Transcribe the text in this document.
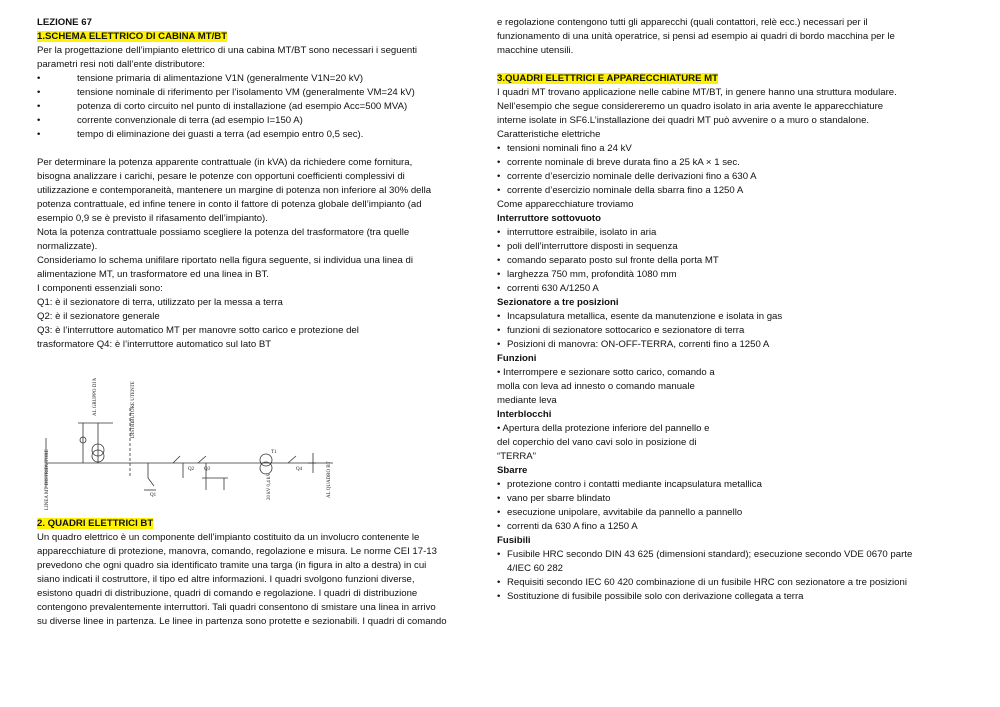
LEZIONE 67

1.SCHEMA ELETTRICO DI CABINA MT/BT

Per la progettazione dell’impianto elettrico di una cabina MT/BT sono necessari i seguenti

parametri resi noti dall’ente distributore:

•	tensione primaria di alimentazione V1N (generalmente V1N=20 kV)
•	tensione nominale di riferimento per l’isolamento VM (generalmente VM=24 kV)
•	potenza di corto circuito nel punto di installazione (ad esempio Acc=500 MVA)
•	corrente convenzionale di terra (ad esempio I=150 A)
•	tempo di eliminazione dei guasti a terra (ad esempio entro 0,5 sec).

Per determinare la potenza apparente contrattuale (in kVA) da richiedere come fornitura,

bisogna analizzare i carichi, pesare le potenze con opportuni coefficienti complessivi di

utilizzazione e contemporaneità, mantenere un margine di potenza non inferiore al 30% della

potenza contrattuale, ed infine tenere in conto il fattore di potenza globale dell’impianto (ad

esempio 0,9 se è previsto il rifasamento dell’impianto).

Nota la potenza contrattuale possiamo scegliere la potenza del trasformatore (tra quelle

normalizzate).

Consideriamo lo schema unifilare riportato nella figura seguente, si individua una linea di

alimentazione MT, un trasformatore ed una linea in BT.

I componenti essenziali sono:

Q1: è il sezionatore di terra, utilizzato per la messa a terra

Q2: è il sezionatore generale

Q3: è l’interruttore automatico MT per manovre sotto carico e protezione del

trasformatore Q4: è l’interruttore automatico sul lato BT

LINEA MT DISTRIBUTORE
AL GRUPPO DI MISURA	DISTRIBUTORE UTENTE
Q1
Q2 Q3
T1
20 kV 0,4 kV
Q4	AL QUADRO BT

2. QUADRI ELETTRICI BT

Un quadro elettrico è un componente dell’impianto costituito da un involucro contenente le

apparecchiature di protezione, manovra, comando, regolazione e misura. Le norme CEI 17-13

prevedono che ogni quadro sia identificato tramite una targa (in figura in alto a destra) in cui

siano indicati il costruttore, il tipo ed altre informazioni. I quadri svolgono funzioni diverse,

esistono quadri di distribuzione, quadri di comando e regolazione. I quadri di distribuzione

contengono prevalentemente interruttori. Tali quadri consentono di smistare una linea in arrivo

su diverse linee in partenza. Le linee in partenza sono protette e sezionabili. I quadri di comando

e regolazione contengono tutti gli apparecchi (quali contattori, relè ecc.) necessari per il

funzionamento di una unità operatrice, si pensi ad esempio ai quadri di bordo macchina per le

macchine utensili.

3.QUADRI ELETTRICI E APPARECCHIATURE MT

I quadri MT trovano applicazione nelle cabine MT/BT, in genere hanno una struttura modulare.

Nell’esempio che segue considereremo un quadro isolato in aria avente le apparecchiature

interne isolate in SF6.L’installazione dei quadri MT può avvenire o a muro o standalone.

Caratteristiche elettriche

• tensioni nominali fino a 24 kV
• corrente nominale di breve durata fino a 25 kA × 1 sec.
• corrente d’esercizio nominale delle derivazioni fino a 630 A
• corrente d’esercizio nominale della sbarra fino a 1250 A

Come apparecchiature troviamo

Interruttore sottovuoto

• interruttore estraibile, isolato in aria
• poli dell’interruttore disposti in sequenza
• comando separato posto sul fronte della porta MT
• larghezza 750 mm, profondità 1080 mm
• correnti 630 A/1250 A

Sezionatore a tre posizioni

• Incapsulatura metallica, esente da manutenzione e isolata in gas
• funzioni di sezionatore sottocarico e sezionatore di terra
• Posizioni di manovra: ON-OFF-TERRA, correnti fino a 1250 A

Funzioni

• Interrompere e sezionare sotto carico, comando a

molla con leva ad innesto o comando manuale

mediante leva

Interblocchi

• Apertura della protezione inferiore del pannello e

del coperchio del vano cavi solo in posizione di

“TERRA”

Sbarre

• protezione contro i contatti mediante incapsulatura metallica
• vano per sbarre blindato
• esecuzione unipolare, avvitabile da pannello a pannello
• correnti da 630 A fino a 1250 A

Fusibili

• Fusibile HRC secondo DIN 43 625 (dimensioni standard); esecuzione secondo VDE 0670 parte

4/IEC 60 282

• Requisiti secondo IEC 60 420 combinazione di un fusibile HRC con sezionatore a tre posizioni
• Sostituzione di fusibile possibile solo con derivazione collegata a terra
